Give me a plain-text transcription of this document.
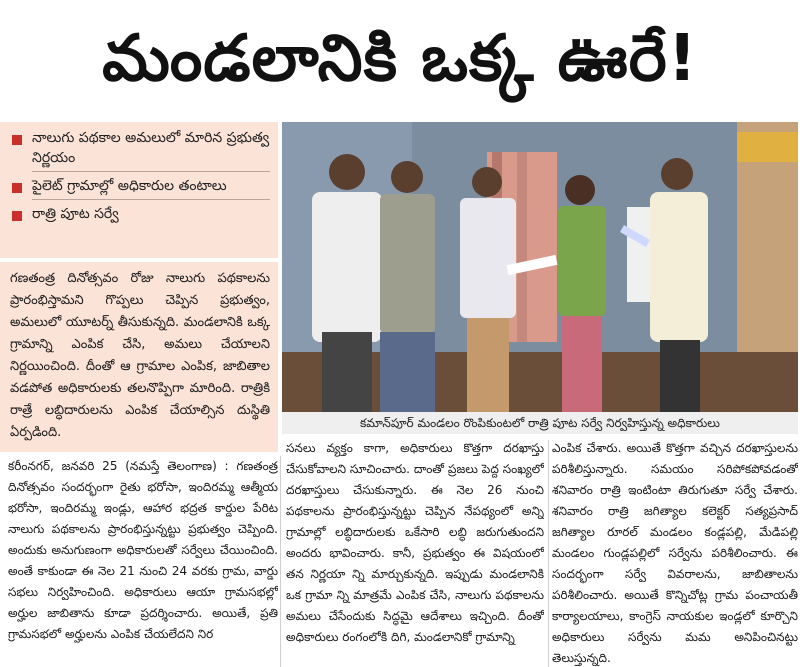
మండలానికి ఒక్క ఊరే!
నాలుగు పథకాల అమలులో మారిన ప్రభుత్వ నిర్ణయం
పైలెట్ గ్రామాల్లో అధికారుల తంటాలు
రాత్రి పూట సర్వే
కమాన్‌పూర్ మండలం రొంపికుంటలో రాత్రి పూట సర్వే నిర్వహిస్తున్న అధికారులు
గణతంత్ర దినోత్సవం రోజు నాలుగు పథకాలను ప్రారంభిస్తామని గొప్పలు చెప్పిన ప్రభుత్వం, అమలులో యూటర్న్ తీసుకున్నది. మండలానికి ఒక్క గ్రామాన్ని ఎంపిక చేసి, అమలు చేయాలని నిర్ణయించింది. దీంతో ఆ గ్రామాల ఎంపిక, జాబితాల వడపోత అధికారులకు తలనొప్పిగా మారింది. రాత్రికి రాత్రే లబ్ధిదారులను ఎంపిక చేయాల్సిన దుస్థితి ఏర్పడింది.
కరీంనగర్, జనవరి 25 (నమస్తే తెలంగాణ) : గణతంత్ర దినోత్సవం సందర్భంగా రైతు భరోసా, ఇందిరమ్మ ఆత్మీయ భరోసా, ఇందిరమ్మ ఇండ్లు, ఆహార భద్రత కార్డుల పేరిట నాలుగు పథకాలను ప్రారంభిస్తున్నట్టు ప్రభుత్వం చెప్పింది. అందుకు అనుగుణంగా అధికారులతో సర్వేలు చేయించింది. అంతే కాకుండా ఈ నెల 21 నుంచి 24 వరకు గ్రామ, వార్డు సభలు నిర్వహించింది. అధికారులు ఆయా గ్రామసభల్లో అర్హుల జాబితాను కూడా ప్రదర్శించారు. అయితే, ప్రతి గ్రామసభలో అర్హులను ఎంపిక చేయలేదని నిర
సనలు వ్యక్తం కాగా, అధికారులు కొత్తగా దరఖాస్తు చేసుకోవాలని సూచించారు. దాంతో ప్రజలు పెద్ద సంఖ్యలో దరఖాస్తులు చేసుకున్నారు. ఈ నెల 26 నుంచి పథకాలను ప్రారంభిస్తున్నట్టు చెప్పిన నేపథ్యంలో అన్ని గ్రామాల్లో లబ్ధిదారులకు ఒకేసారి లబ్ధి జరుగుతుందని అందరు భావించారు. కానీ, ప్రభుత్వం ఈ విషయంలో తన నిర్ణయా న్ని మార్చుకున్నది. ఇప్పుడు మండలానికి ఒక గ్రామా న్ని మాత్రమే ఎంపిక చేసి, నాలుగు పథకాలను అమలు చేసేందుకు సిద్ధమై ఆదేశాలు ఇచ్చింది. దీంతో అధికారులు రంగంలోకి దిగి, మండలానికో గ్రామాన్ని
ఎంపిక చేశారు. అయితే కొత్తగా వచ్చిన దరఖాస్తులను పరిశీలిస్తున్నారు. సమయం సరిపోకపోవడంతో శనివారం రాత్రి ఇంటింటా తిరుగుతూ సర్వే చేశారు. శనివారం రాత్రి జగిత్యాల కలెక్టర్ సత్యప్రసాద్ జగిత్యాల రూరల్ మండలం కండ్లపల్లి, మేడిపల్లి మండలం గుండ్లపల్లిలో సర్వేను పరిశీలించారు. ఈ సందర్భంగా సర్వే వివరాలను, జాబితాలను పరిశీలించారు. అయితే కొన్నిచోట్ల గ్రామ పంచాయతీ కార్యాలయాలు, కాంగ్రెస్ నాయకుల ఇండ్లలో కూర్చొని అధికారులు సర్వేను మమ అనిపించినట్టు తెలుస్తున్నది.
